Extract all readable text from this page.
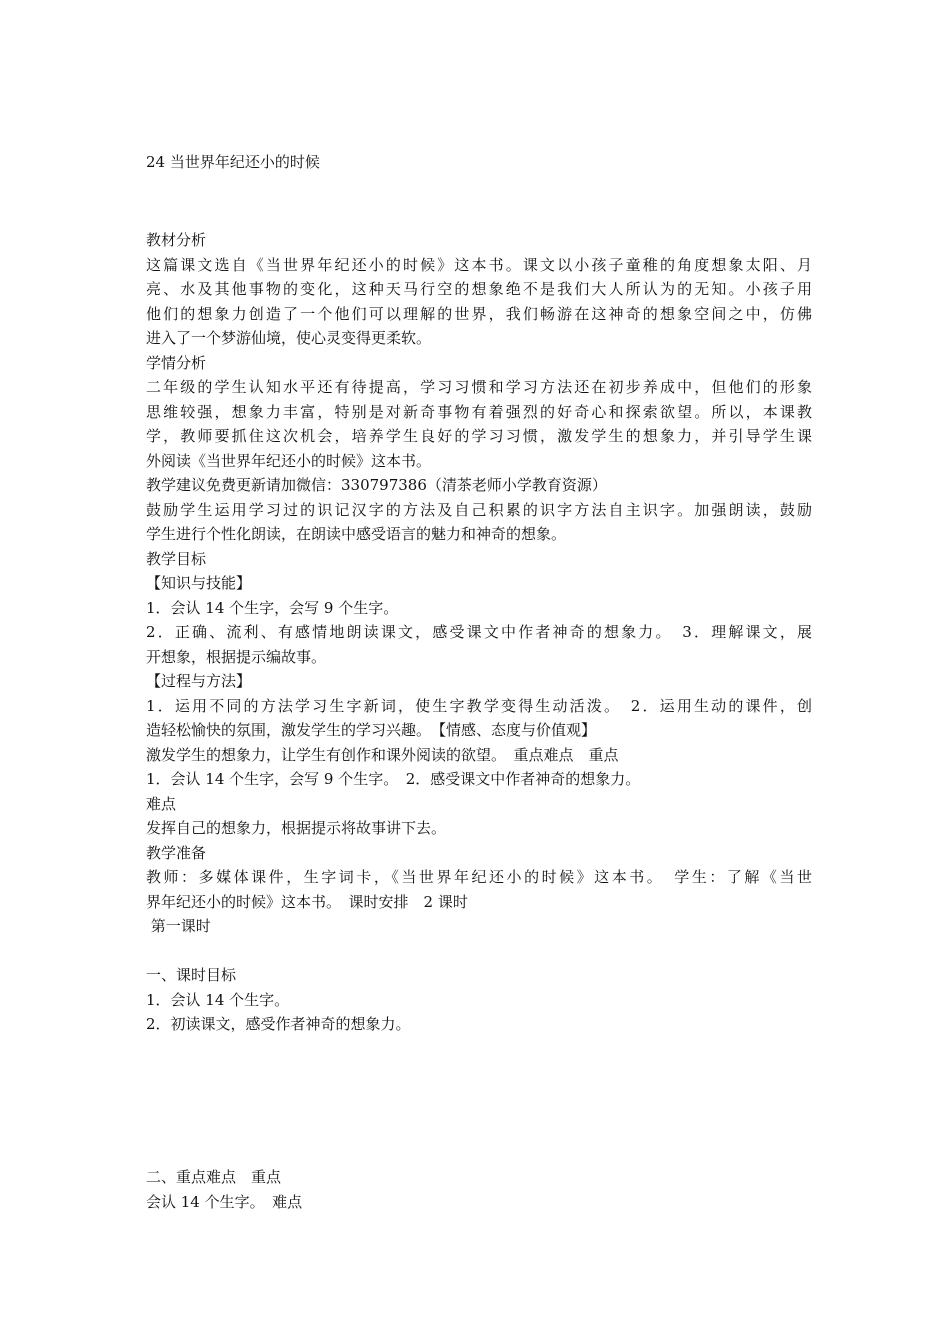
24 当世界年纪还小的时候
教材分析
这篇课文选自《当世界年纪还小的时候》这本书。课文以小孩子童稚的角度想象太阳、月
亮、水及其他事物的变化，这种天马行空的想象绝不是我们大人所认为的无知。小孩子用
他们的想象力创造了一个他们可以理解的世界，我们畅游在这神奇的想象空间之中，仿佛
进入了一个梦游仙境，使心灵变得更柔软。
学情分析
二年级的学生认知水平还有待提高，学习习惯和学习方法还在初步养成中，但他们的形象
思维较强，想象力丰富，特别是对新奇事物有着强烈的好奇心和探索欲望。所以，本课教
学，教师要抓住这次机会，培养学生良好的学习习惯，激发学生的想象力，并引导学生课
外阅读《当世界年纪还小的时候》这本书。
教学建议免费更新请加微信：330797386（清茶老师小学教育资源）
鼓励学生运用学习过的识记汉字的方法及自己积累的识字方法自主识字。加强朗读，鼓励
学生进行个性化朗读，在朗读中感受语言的魅力和神奇的想象。
教学目标
【知识与技能】
1．会认 14 个生字，会写 9 个生字。
2．正确、流利、有感情地朗读课文，感受课文中作者神奇的想象力。　3．理解课文，展
开想象，根据提示编故事。
【过程与方法】
1．运用不同的方法学习生字新词，使生字教学变得生动活泼。　2．运用生动的课件，创
造轻松愉快的氛围，激发学生的学习兴趣。　【情感、态度与价值观】
激发学生的想象力，让学生有创作和课外阅读的欲望。　重点难点　重点
1．会认 14 个生字，会写 9 个生字。　2．感受课文中作者神奇的想象力。
难点
发挥自己的想象力，根据提示将故事讲下去。
教学准备
教师：多媒体课件，生字词卡，《当世界年纪还小的时候》这本书。　学生：了解《当世
界年纪还小的时候》这本书。　课时安排　2 课时
第一课时
一、课时目标
1．会认 14 个生字。
2．初读课文，感受作者神奇的想象力。
二、重点难点　重点
会认 14 个生字。　难点
